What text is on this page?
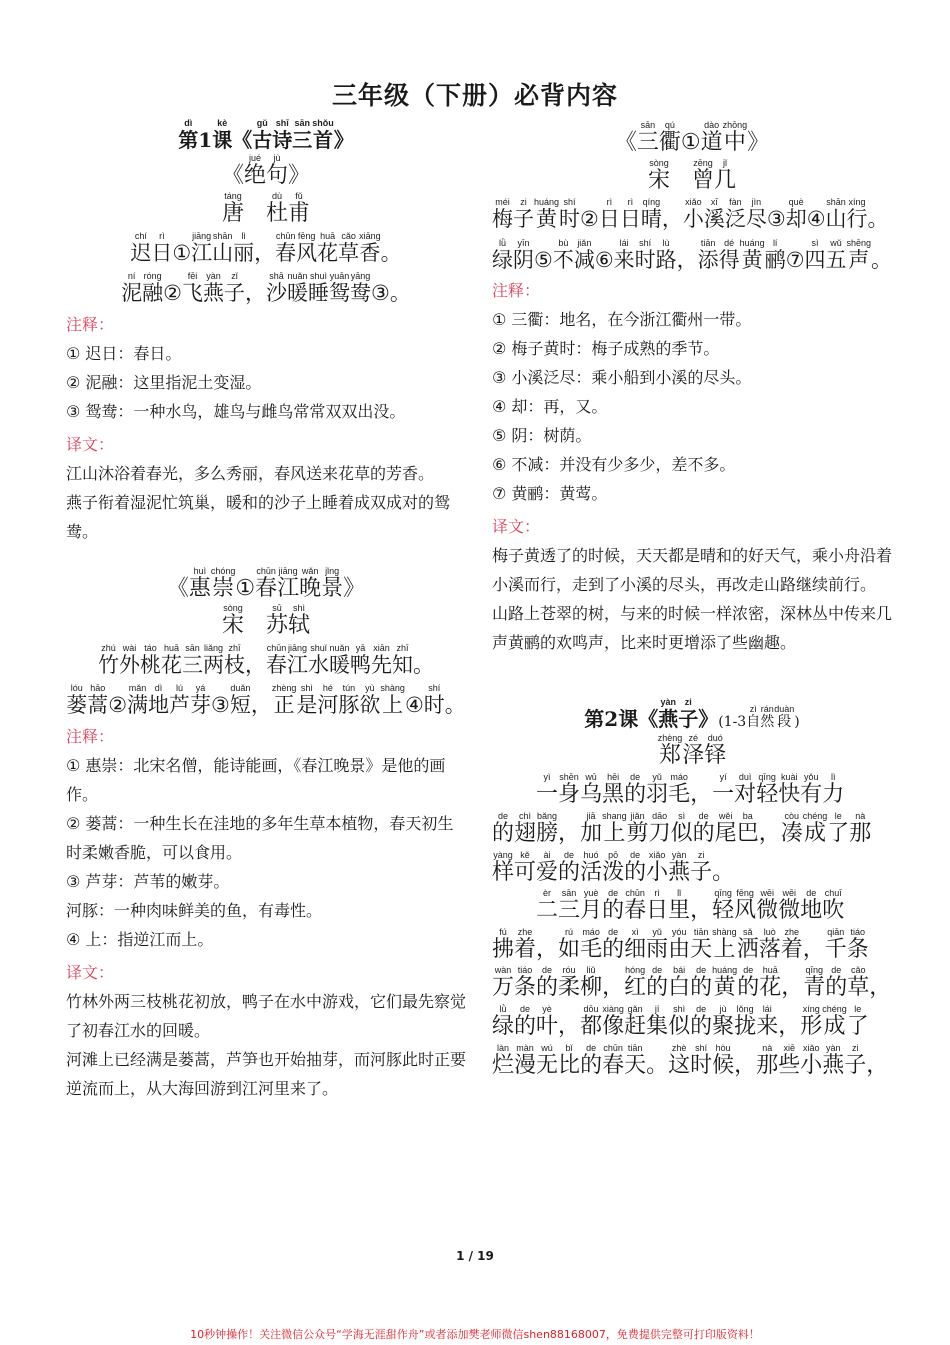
三年级（下册）必背内容
dì
第 1
kè
课 《
gǔ
古
shī
诗
sān
三
shǒu
首 》
《
jué
绝
jù
句 》
táng
唐

dù
杜
fǔ
甫
chí
迟
rì
日 ①
jiāng
江
shān
山
lì
丽 ，
chūn
春
fēng
风
huā
花
cǎo
草
xiāng
香 。
ní
泥
róng
融 ②
fēi
飞
yàn
燕
zǐ
子 ，
shā
沙
nuǎn
暖
shuì
睡
yuān
鸳
yāng
鸯 ③ 。
注释：
① 迟日：春日。
② 泥融：这里指泥土变湿。
③ 鸳鸯：一种水鸟，雄鸟与雌鸟常常双双出没。
译文：
江山沐浴着春光，多么秀丽，春风送来花草的芳香。
燕子衔着湿泥忙筑巢，暖和的沙子上睡着成双成对的鸳鸯。
《
huì
惠
chóng
崇 ①
chūn
春
jiāng
江
wǎn
晚
jǐng
景 》
sòng
宋

sū
苏
shì
轼
zhú
竹
wài
外
táo
桃
huā
花
sān
三
liǎng
两
zhī
枝 ，
chūn
春
jiāng
江
shuǐ
水
nuǎn
暖
yā
鸭
xiān
先
zhī
知 。
lóu
蒌
hāo
蒿 ②
mǎn
满
dì
地
lú
芦
yá
芽 ③
duǎn
短 ，
zhèng
正
shì
是
hé
河
tún
豚
yù
欲
shàng
上 ④
shí
时 。
注释：
① 惠崇：北宋名僧，能诗能画，《春江晚景》是他的画作。
② 蒌蒿：一种生长在洼地的多年生草本植物，春天初生时柔嫩香脆，可以食用。
③ 芦芽：芦苇的嫩芽。
河豚：一种肉味鲜美的鱼，有毒性。
④ 上：指逆江而上。
译文：
竹林外两三枝桃花初放，鸭子在水中游戏，它们最先察觉了初春江水的回暖。
河滩上已经满是蒌蒿，芦笋也开始抽芽，而河豚此时正要逆流而上，从大海回游到江河里来了。
《
sān
三
qú
衢 ①
dào
道
zhōng
中 》
sòng
宋

zēng
曾
jǐ
几
méi
梅
zi
子
huáng
黄
shí
时 ②
rì
日
rì
日
qíng
晴 ，
xiǎo
小
xī
溪
fàn
泛
jìn
尽 ③
què
却 ④
shān
山
xíng
行 。
lǜ
绿
yīn
阴 ⑤
bù
不
jiǎn
减 ⑥
lái
来
shí
时
lù
路 ，
tiān
添
dé
得
huáng
黄
lí
鹂 ⑦
sì
四
wǔ
五
shēng
声 。
注释：
① 三衢：地名，在今浙江衢州一带。
② 梅子黄时：梅子成熟的季节。
③ 小溪泛尽：乘小船到小溪的尽头。
④ 却：再，又。
⑤ 阴：树荫。
⑥ 不减：并没有少多少，差不多。
⑦ 黄鹂：黄莺。
译文：
梅子黄透了的时候，天天都是晴和的好天气，乘小舟沿着小溪而行，走到了小溪的尽头，再改走山路继续前行。
山路上苍翠的树，与来的时候一样浓密，深林丛中传来几声黄鹂的欢鸣声，比来时更增添了些幽趣。
第 2 课 《
yàn
燕
zi
子 》 (1-3
zì
自
rán
然
duàn
段 )
zhèng
郑
zé
泽
duó
铎

yì
一
shēn
身
wū
乌
hēi
黑
de
的
yǔ
羽
máo
毛 ，
yí
一
duì
对
qīng
轻
kuài
快
yǒu
有
lì
力
de
的
chì
翅
bǎng
膀 ，
jiā
加
shang
上
jiǎn
剪
dāo
刀
sì
似
de
的
wěi
尾
ba
巴 ，
còu
凑
chéng
成
le
了
nà
那
yàng
样
kě
可
ài
爱
de
的
huó
活
pō
泼
de
的
xiǎo
小
yàn
燕
zi
子 。

èr
二
sān
三
yuè
月
de
的
chūn
春
rì
日
lǐ
里 ，
qīng
轻
fēng
风
wēi
微
wēi
微
de
地
chuī
吹
fú
拂
zhe
着 ，
rú
如
máo
毛
de
的
xì
细
yǔ
雨
yóu
由
tiān
天
shàng
上
sǎ
洒
luò
落
zhe
着 ，
qiān
千
tiáo
条
wàn
万
tiáo
条
de
的
róu
柔
liǔ
柳 ，
hóng
红
de
的
bái
白
de
的
huáng
黄
de
的
huā
花 ，
qīng
青
de
的
cǎo
草 ，
lǜ
绿
de
的
yè
叶 ，
dōu
都
xiàng
像
gǎn
赶
jí
集
shì
似
de
的
jù
聚
lǒng
拢
lái
来 ，
xíng
形
chéng
成
le
了
làn
烂
màn
漫
wú
无
bǐ
比
de
的
chūn
春
tiān
天 。
zhè
这
shí
时
hòu
候 ，
nà
那
xiē
些
xiǎo
小
yàn
燕
zi
子 ，
1 / 19
10秒钟操作！关注微信公众号“学海无涯甜作舟”或者添加樊老师微信shen88168007，免费提供完整可打印版资料！
